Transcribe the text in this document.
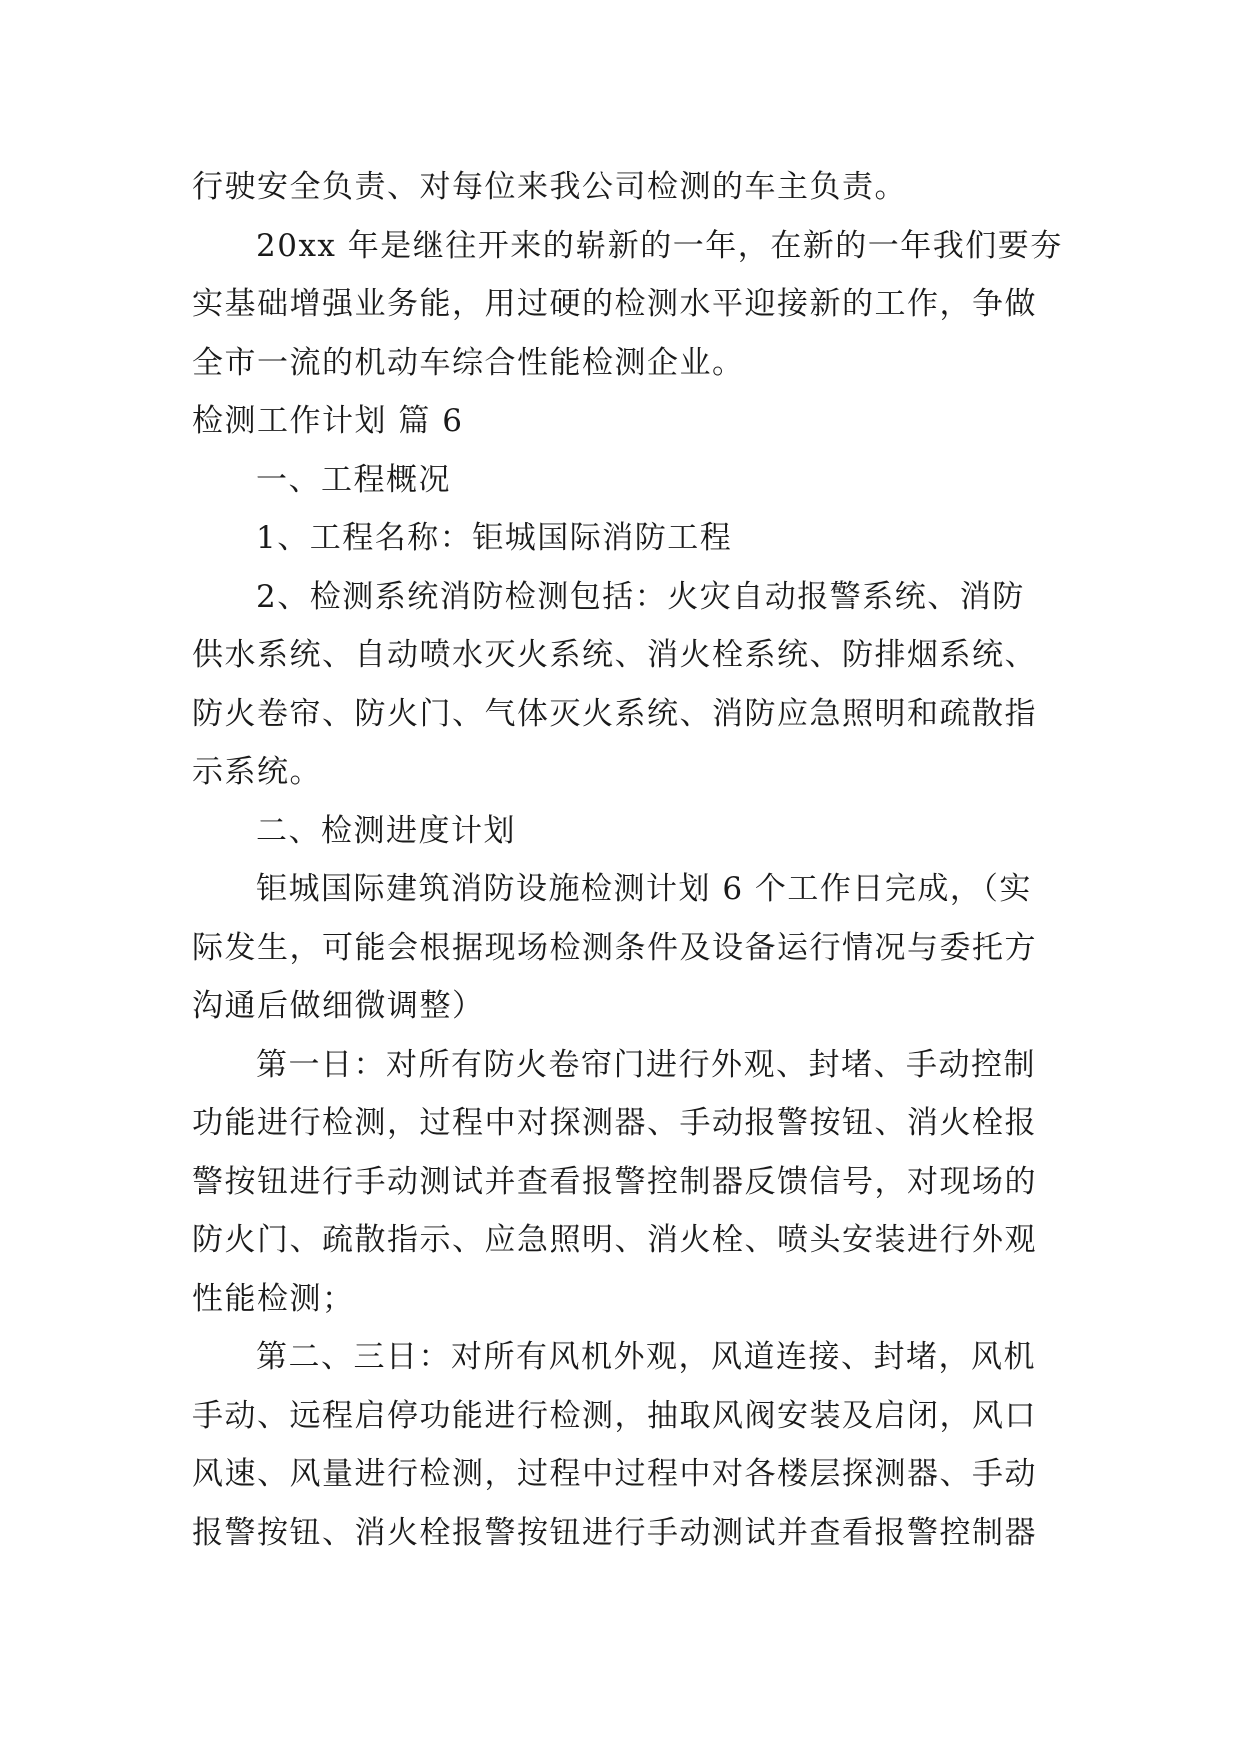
行驶安全负责、对每位来我公司检测的车主负责。
20xx 年是继往开来的崭新的一年，在新的一年我们要夯
实基础增强业务能，用过硬的检测水平迎接新的工作，争做
全市一流的机动车综合性能检测企业。
检测工作计划 篇 6
一、工程概况
1、工程名称：钜城国际消防工程
2、检测系统消防检测包括：火灾自动报警系统、消防
供水系统、自动喷水灭火系统、消火栓系统、防排烟系统、
防火卷帘、防火门、气体灭火系统、消防应急照明和疏散指
示系统。
二、检测进度计划
钜城国际建筑消防设施检测计划 6 个工作日完成，（实
际发生，可能会根据现场检测条件及设备运行情况与委托方
沟通后做细微调整）
第一日：对所有防火卷帘门进行外观、封堵、手动控制
功能进行检测，过程中对探测器、手动报警按钮、消火栓报
警按钮进行手动测试并查看报警控制器反馈信号，对现场的
防火门、疏散指示、应急照明、消火栓、喷头安装进行外观
性能检测；
第二、三日：对所有风机外观，风道连接、封堵，风机
手动、远程启停功能进行检测，抽取风阀安装及启闭，风口
风速、风量进行检测，过程中过程中对各楼层探测器、手动
报警按钮、消火栓报警按钮进行手动测试并查看报警控制器
